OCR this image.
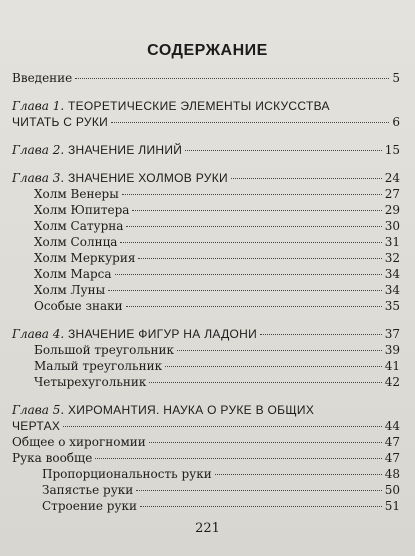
СОДЕРЖАНИЕ
Введение	5
Глава 1. ТЕОРЕТИЧЕСКИЕ ЭЛЕМЕНТЫ ИСКУССТВА
ЧИТАТЬ С РУКИ	6
Глава 2. ЗНАЧЕНИЕ ЛИНИЙ	15
Глава 3. ЗНАЧЕНИЕ ХОЛМОВ РУКИ	24
Холм Венеры	27
Холм Юпитера	29
Холм Сатурна	30
Холм Солнца	31
Холм Меркурия	32
Холм Марса	34
Холм Луны	34
Особые знаки	35
Глава 4. ЗНАЧЕНИЕ ФИГУР НА ЛАДОНИ	37
Большой треугольник	39
Малый треугольник	41
Четырехугольник	42
Глава 5. ХИРОМАНТИЯ. НАУКА О РУКЕ В ОБЩИХ
ЧЕРТАХ	44
Общее о хирогномии	47
Рука вообще	47
Пропорциональность руки	48
Запястье руки	50
Строение руки	51
221
